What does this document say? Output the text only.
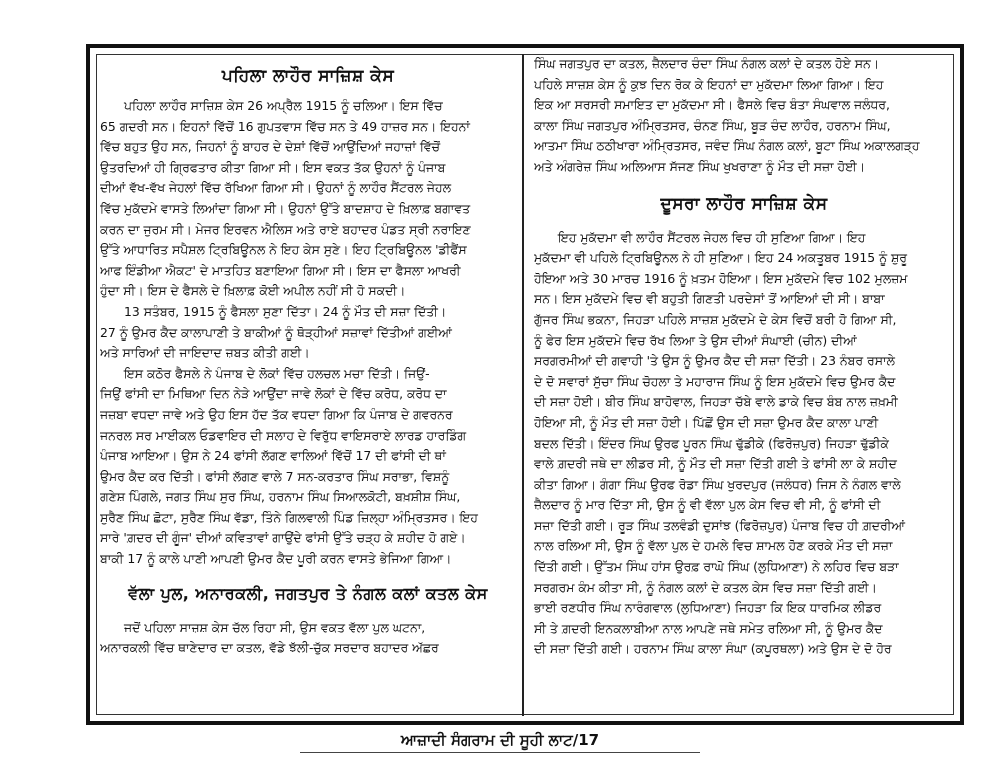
ਪਹਿਲਾ ਲਾਹੌਰ ਸਾਜ਼ਿਸ਼ ਕੇਸ
ਪਹਿਲਾ ਲਾਹੌਰ ਸਾਜ਼ਿਸ਼ ਕੇਸ 26 ਅਪ੍ਰੈਲ 1915 ਨੂੰ ਚਲਿਆ। ਇਸ ਵਿੱਚ
65 ਗਦਰੀ ਸਨ। ਇਹਨਾਂ ਵਿੱਚੋਂ 16 ਗੁਪਤਵਾਸ ਵਿੱਚ ਸਨ ਤੇ 49 ਹਾਜ਼ਰ ਸਨ। ਇਹਨਾਂ
ਵਿੱਚ ਬਹੁਤ ਉਹ ਸਨ, ਜਿਹਨਾਂ ਨੂੰ ਬਾਹਰ ਦੇ ਦੇਸ਼ਾਂ ਵਿੱਚੋਂ ਆਉਂਦਿਆਂ ਜਹਾਜ਼ਾਂ ਵਿੱਚੋਂ
ਉਤਰਦਿਆਂ ਹੀ ਗ੍ਰਿਫਤਾਰ ਕੀਤਾ ਗਿਆ ਸੀ। ਇਸ ਵਕਤ ਤੱਕ ਉਹਨਾਂ ਨੂੰ ਪੰਜਾਬ
ਦੀਆਂ ਵੱਖ-ਵੱਖ ਜੇਹਲਾਂ ਵਿੱਚ ਰੱਖਿਆ ਗਿਆ ਸੀ। ਉਹਨਾਂ ਨੂੰ ਲਾਹੌਰ ਸੈਂਟਰਲ ਜੇਹਲ
ਵਿੱਚ ਮੁਕੱਦਮੇ ਵਾਸਤੇ ਲਿਆਂਦਾ ਗਿਆ ਸੀ। ਉਹਨਾਂ ਉੱਤੇ ਬਾਦਸ਼ਾਹ ਦੇ ਖ਼ਿਲਾਫ਼ ਬਗਾਵਤ
ਕਰਨ ਦਾ ਜੁਰਮ ਸੀ। ਮੇਜਰ ਇਰਵਨ ਐਲਿਸ ਅਤੇ ਰਾਏ ਬਹਾਦਰ ਪੰਡਤ ਸ੍ਰੀ ਨਰਾਇਣ
ਉੱਤੇ ਆਧਾਰਿਤ ਸਪੈਸ਼ਲ ਟ੍ਰਿਬਿਊਨਲ ਨੇ ਇਹ ਕੇਸ ਸੁਣੇ। ਇਹ ਟ੍ਰਿਬਿਊਨਲ 'ਡੀਫੈਂਸ
ਆਫ ਇੰਡੀਆ ਐਕਟ' ਦੇ ਮਾਤਹਿਤ ਬਣਾਇਆ ਗਿਆ ਸੀ। ਇਸ ਦਾ ਫੈਸਲਾ ਆਖਰੀ
ਹੁੰਦਾ ਸੀ। ਇਸ ਦੇ ਫੈਸਲੇ ਦੇ ਖ਼ਿਲਾਫ਼ ਕੋਈ ਅਪੀਲ ਨਹੀਂ ਸੀ ਹੋ ਸਕਦੀ।
13 ਸਤੰਬਰ, 1915 ਨੂੰ ਫੈਸਲਾ ਸੁਣਾ ਦਿੱਤਾ। 24 ਨੂੰ ਮੌਤ ਦੀ ਸਜ਼ਾ ਦਿੱਤੀ।
27 ਨੂੰ ਉਮਰ ਕੈਦ ਕਾਲਾਪਾਣੀ ਤੇ ਬਾਕੀਆਂ ਨੂੰ ਥੋੜ੍ਹੀਆਂ ਸਜ਼ਾਵਾਂ ਦਿੱਤੀਆਂ ਗਈਆਂ
ਅਤੇ ਸਾਰਿਆਂ ਦੀ ਜਾਇਦਾਦ ਜ਼ਬਤ ਕੀਤੀ ਗਈ।
ਇਸ ਕਠੋਰ ਫੈਸਲੇ ਨੇ ਪੰਜਾਬ ਦੇ ਲੋਕਾਂ ਵਿੱਚ ਹਲਚਲ ਮਚਾ ਦਿੱਤੀ। ਜਿਉਂ-
ਜਿਉਂ ਫਾਂਸੀ ਦਾ ਮਿਥਿਆ ਦਿਨ ਨੇੜੇ ਆਉਂਦਾ ਜਾਵੇ ਲੋਕਾਂ ਦੇ ਵਿੱਚ ਕਰੋਧ, ਕਰੋਧ ਦਾ
ਜਜ਼ਬਾ ਵਧਦਾ ਜਾਵੇ ਅਤੇ ਉਹ ਇਸ ਹੱਦ ਤੱਕ ਵਧਦਾ ਗਿਆ ਕਿ ਪੰਜਾਬ ਦੇ ਗਵਰਨਰ
ਜਨਰਲ ਸਰ ਮਾਈਕਲ ਓਡਵਾਇਰ ਦੀ ਸਲਾਹ ਦੇ ਵਿਰੁੱਧ ਵਾਇਸਰਾਏ ਲਾਰਡ ਹਾਰਡਿੰਗ
ਪੰਜਾਬ ਆਇਆ। ਉਸ ਨੇ 24 ਫਾਂਸੀ ਲੱਗਣ ਵਾਲਿਆਂ ਵਿੱਚੋਂ 17 ਦੀ ਫਾਂਸੀ ਦੀ ਥਾਂ
ਉਮਰ ਕੈਦ ਕਰ ਦਿੱਤੀ। ਫਾਂਸੀ ਲੱਗਣ ਵਾਲੇ 7 ਸਨ-ਕਰਤਾਰ ਸਿੰਘ ਸਰਾਭਾ, ਵਿਸ਼ਨੂੰ
ਗਣੇਸ਼ ਪਿੰਗਲੇ, ਜਗਤ ਸਿੰਘ ਸੁਰ ਸਿੰਘ, ਹਰਨਾਮ ਸਿੰਘ ਸਿਆਲਕੋਟੀ, ਬਖ਼ਸ਼ੀਸ਼ ਸਿੰਘ,
ਸੁਰੈਣ ਸਿੰਘ ਛੋਟਾ, ਸੁਰੈਣ ਸਿੰਘ ਵੱਡਾ, ਤਿੰਨੇ ਗਿਲਵਾਲੀ ਪਿੰਡ ਜ਼ਿਲ੍ਹਾ ਅੰਮ੍ਰਿਤਸਰ। ਇਹ
ਸਾਰੇ 'ਗ਼ਦਰ ਦੀ ਗੂੰਜ' ਦੀਆਂ ਕਵਿਤਾਵਾਂ ਗਾਉਂਦੇ ਫਾਂਸੀ ਉੱਤੇ ਚੜ੍ਹ ਕੇ ਸ਼ਹੀਦ ਹੋ ਗਏ।
ਬਾਕੀ 17 ਨੂੰ ਕਾਲੇ ਪਾਣੀ ਆਪਣੀ ਉਮਰ ਕੈਦ ਪੂਰੀ ਕਰਨ ਵਾਸਤੇ ਭੇਜਿਆ ਗਿਆ।
ਵੱਲਾ ਪੁਲ, ਅਨਾਰਕਲੀ, ਜਗਤਪੁਰ ਤੇ ਨੰਗਲ ਕਲਾਂ ਕਤਲ ਕੇਸ
ਜਦੋਂ ਪਹਿਲਾ ਸਾਜ਼ਸ਼ ਕੇਸ ਚੱਲ ਰਿਹਾ ਸੀ, ਉਸ ਵਕਤ ਵੱਲਾ ਪੁਲ ਘਟਨਾ,
ਅਨਾਰਕਲੀ ਵਿੱਚ ਥਾਣੇਦਾਰ ਦਾ ਕਤਲ, ਵੱਡੇ ਝੱਲੀ-ਚੁੱਕ ਸਰਦਾਰ ਬਹਾਦਰ ਅੱਛਰ
ਸਿੰਘ ਜਗਤਪੁਰ ਦਾ ਕਤਲ, ਜ਼ੈਲਦਾਰ ਚੰਦਾ ਸਿੰਘ ਨੰਗਲ ਕਲਾਂ ਦੇ ਕਤਲ ਹੋਏ ਸਨ।
ਪਹਿਲੇ ਸਾਜ਼ਸ਼ ਕੇਸ ਨੂੰ ਕੁਝ ਦਿਨ ਰੋਕ ਕੇ ਇਹਨਾਂ ਦਾ ਮੁਕੱਦਮਾ ਲਿਆ ਗਿਆ। ਇਹ
ਇਕ ਆ ਸਰਸਰੀ ਸਮਾਇਤ ਦਾ ਮੁਕੱਦਮਾ ਸੀ। ਫੈਸਲੇ ਵਿਚ ਬੰਤਾ ਸੰਘਵਾਲ ਜਲੰਧਰ,
ਕਾਲਾ ਸਿੰਘ ਜਗਤਪੁਰ ਅੰਮ੍ਰਿਤਸਰ, ਚੰਨਣ ਸਿੰਘ, ਬੂੜ ਚੰਦ ਲਾਹੌਰ, ਹਰਨਾਮ ਸਿੰਘ,
ਆਤਮਾ ਸਿੰਘ ਠਠੀਖਾਰਾ ਅੰਮ੍ਰਿਤਸਰ, ਜਵੰਦ ਸਿੰਘ ਨੰਗਲ ਕਲਾਂ, ਬੂਟਾ ਸਿੰਘ ਅਕਾਲਗੜ੍ਹ
ਅਤੇ ਅੰਗਰੇਜ਼ ਸਿੰਘ ਅਲਿਆਸ ਸੱਜਣ ਸਿੰਘ ਖੁਖਰਾਣਾ ਨੂੰ ਮੌਤ ਦੀ ਸਜ਼ਾ ਹੋਈ।
ਦੂਸਰਾ ਲਾਹੌਰ ਸਾਜ਼ਿਸ਼ ਕੇਸ
ਇਹ ਮੁਕੱਦਮਾ ਵੀ ਲਾਹੌਰ ਸੈਂਟਰਲ ਜੇਹਲ ਵਿਚ ਹੀ ਸੁਣਿਆ ਗਿਆ। ਇਹ
ਮੁਕੱਦਮਾ ਵੀ ਪਹਿਲੇ ਟ੍ਰਿਬਿਊਨਲ ਨੇ ਹੀ ਸੁਣਿਆ। ਇਹ 24 ਅਕਤੂਬਰ 1915 ਨੂੰ ਸ਼ੁਰੂ
ਹੋਇਆ ਅਤੇ 30 ਮਾਰਚ 1916 ਨੂੰ ਖ਼ਤਮ ਹੋਇਆ। ਇਸ ਮੁਕੱਦਮੇ ਵਿਚ 102 ਮੁਲਜ਼ਮ
ਸਨ। ਇਸ ਮੁਕੱਦਮੇ ਵਿਚ ਵੀ ਬਹੁਤੀ ਗਿਣਤੀ ਪਰਦੇਸਾਂ ਤੋਂ ਆਇਆਂ ਦੀ ਸੀ। ਬਾਬਾ
ਗੁੱਜਰ ਸਿੰਘ ਭਕਨਾ, ਜਿਹੜਾ ਪਹਿਲੇ ਸਾਜ਼ਸ਼ ਮੁਕੱਦਮੇ ਦੇ ਕੇਸ ਵਿਚੋਂ ਬਰੀ ਹੋ ਗਿਆ ਸੀ,
ਨੂੰ ਫੇਰ ਇਸ ਮੁਕੱਦਮੇ ਵਿਚ ਰੱਖ ਲਿਆ ਤੇ ਉਸ ਦੀਆਂ ਸੰਘਾਈ (ਚੀਨ) ਦੀਆਂ
ਸਰਗਰਮੀਆਂ ਦੀ ਗਵਾਹੀ 'ਤੇ ਉਸ ਨੂੰ ਉਮਰ ਕੈਦ ਦੀ ਸਜ਼ਾ ਦਿੱਤੀ। 23 ਨੰਬਰ ਰਸਾਲੇ
ਦੇ ਦੋ ਸਵਾਰਾਂ ਸੁੱਚਾ ਸਿੰਘ ਚੋਹਲਾ ਤੇ ਮਹਾਰਾਜ ਸਿੰਘ ਨੂੰ ਇਸ ਮੁਕੱਦਮੇ ਵਿਚ ਉਮਰ ਕੈਦ
ਦੀ ਸਜ਼ਾ ਹੋਈ। ਬੀਰ ਸਿੰਘ ਬਾਹੋਵਾਲ, ਜਿਹੜਾ ਚੱਬੇ ਵਾਲੇ ਡਾਕੇ ਵਿਚ ਬੰਬ ਨਾਲ ਜ਼ਖ਼ਮੀ
ਹੋਇਆ ਸੀ, ਨੂੰ ਮੌਤ ਦੀ ਸਜ਼ਾ ਹੋਈ। ਪਿੱਛੋਂ ਉਸ ਦੀ ਸਜ਼ਾ ਉਮਰ ਕੈਦ ਕਾਲਾ ਪਾਣੀ
ਬਦਲ ਦਿੱਤੀ। ਇੰਦਰ ਸਿੰਘ ਉਰਫ ਪੂਰਨ ਸਿੰਘ ਢੁੱਡੀਕੇ (ਫਿਰੋਜ਼ਪੁਰ) ਜਿਹੜਾ ਢੁੱਡੀਕੇ
ਵਾਲੇ ਗ਼ਦਰੀ ਜਥੇ ਦਾ ਲੀਡਰ ਸੀ, ਨੂੰ ਮੌਤ ਦੀ ਸਜ਼ਾ ਦਿੱਤੀ ਗਈ ਤੇ ਫਾਂਸੀ ਲਾ ਕੇ ਸ਼ਹੀਦ
ਕੀਤਾ ਗਿਆ। ਗੰਗਾ ਸਿੰਘ ਉਰਫ ਰੋਡਾ ਸਿੰਘ ਖੁਰਦਪੁਰ (ਜਲੰਧਰ) ਜਿਸ ਨੇ ਨੰਗਲ ਵਾਲੇ
ਜ਼ੈਲਦਾਰ ਨੂੰ ਮਾਰ ਦਿੱਤਾ ਸੀ, ਉਸ ਨੂੰ ਵੀ ਵੱਲਾ ਪੁਲ ਕੇਸ ਵਿਚ ਵੀ ਸੀ, ਨੂੰ ਫਾਂਸੀ ਦੀ
ਸਜ਼ਾ ਦਿੱਤੀ ਗਈ। ਰੂੜ ਸਿੰਘ ਤਲਵੰਡੀ ਦੁਸਾਂਝ (ਫਿਰੋਜ਼ਪੁਰ) ਪੰਜਾਬ ਵਿਚ ਹੀ ਗ਼ਦਰੀਆਂ
ਨਾਲ ਰਲਿਆ ਸੀ, ਉਸ ਨੂੰ ਵੱਲਾ ਪੁਲ ਦੇ ਹਮਲੇ ਵਿਚ ਸ਼ਾਮਲ ਹੋਣ ਕਰਕੇ ਮੌਤ ਦੀ ਸਜ਼ਾ
ਦਿੱਤੀ ਗਈ। ਉੱਤਮ ਸਿੰਘ ਹਾਂਸ ਉਰਫ਼ ਰਾਘੋ ਸਿੰਘ (ਲੁਧਿਆਣਾ) ਨੇ ਲਹਿਰ ਵਿਚ ਬੜਾ
ਸਰਗਰਮ ਕੰਮ ਕੀਤਾ ਸੀ, ਨੂੰ ਨੰਗਲ ਕਲਾਂ ਦੇ ਕਤਲ ਕੇਸ ਵਿਚ ਸਜ਼ਾ ਦਿੱਤੀ ਗਈ।
ਭਾਈ ਰਣਧੀਰ ਸਿੰਘ ਨਾਰੰਗਵਾਲ (ਲੁਧਿਆਣਾ) ਜਿਹੜਾ ਕਿ ਇਕ ਧਾਰਮਿਕ ਲੀਡਰ
ਸੀ ਤੇ ਗ਼ਦਰੀ ਇਨਕਲਾਬੀਆ ਨਾਲ ਆਪਣੇ ਜਥੇ ਸਮੇਤ ਰਲਿਆ ਸੀ, ਨੂੰ ਉਮਰ ਕੈਦ
ਦੀ ਸਜ਼ਾ ਦਿੱਤੀ ਗਈ। ਹਰਨਾਮ ਸਿੰਘ ਕਾਲਾ ਸੰਘਾ (ਕਪੂਰਥਲਾ) ਅਤੇ ਉਸ ਦੇ ਦੋ ਹੋਰ
ਆਜ਼ਾਦੀ ਸੰਗਰਾਮ ਦੀ ਸੂਹੀ ਲਾਟ/17
